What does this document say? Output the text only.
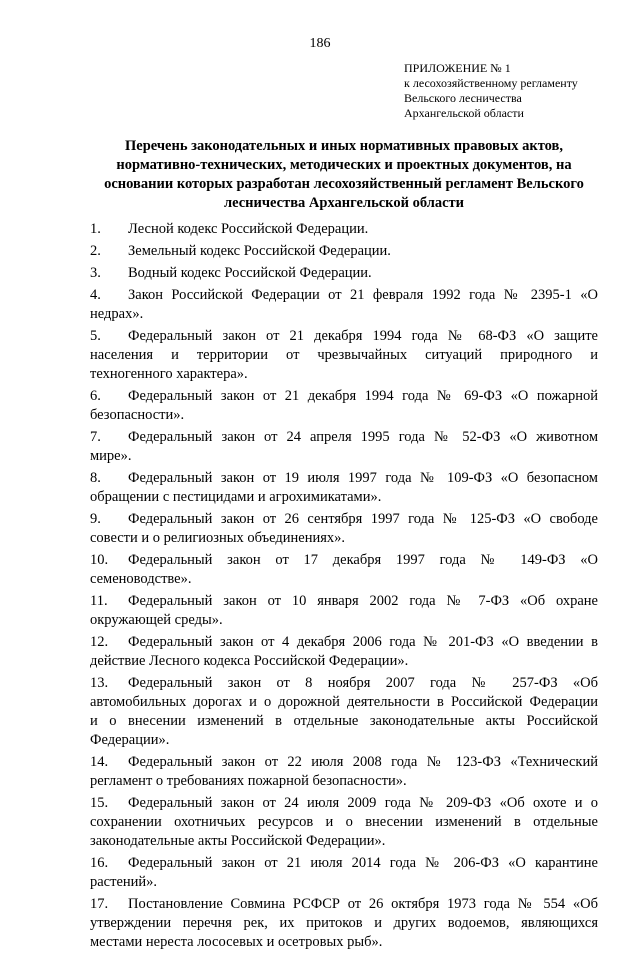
186
ПРИЛОЖЕНИЕ № 1
к лесохозяйственному регламенту
Вельского лесничества
Архангельской области
Перечень законодательных и иных нормативных правовых актов,
нормативно-технических, методических и проектных документов, на
основании которых разработан лесохозяйственный регламент Вельского
лесничества Архангельской области
1. Лесной кодекс Российской Федерации.
2. Земельный кодекс Российской Федерации.
3. Водный кодекс Российской Федерации.
4. Закон Российской Федерации от 21 февраля 1992 года № 2395-1 «О
недрах».
5. Федеральный закон от 21 декабря 1994 года № 68-ФЗ «О защите
населения и территории от чрезвычайных ситуаций природного и
техногенного характера».
6. Федеральный закон от 21 декабря 1994 года № 69-ФЗ «О пожарной
безопасности».
7. Федеральный закон от 24 апреля 1995 года № 52-ФЗ «О животном
мире».
8. Федеральный закон от 19 июля 1997 года № 109-ФЗ «О безопасном
обращении с пестицидами и агрохимикатами».
9. Федеральный закон от 26 сентября 1997 года № 125-ФЗ «О свободе
совести и о религиозных объединениях».
10. Федеральный закон от 17 декабря 1997 года № 149-ФЗ «О
семеноводстве».
11. Федеральный закон от 10 января 2002 года № 7-ФЗ «Об охране
окружающей среды».
12. Федеральный закон от 4 декабря 2006 года № 201-ФЗ «О введении в
действие Лесного кодекса Российской Федерации».
13. Федеральный закон от 8 ноября 2007 года № 257-ФЗ «Об
автомобильных дорогах и о дорожной деятельности в Российской Федерации
и о внесении изменений в отдельные законодательные акты Российской
Федерации».
14. Федеральный закон от 22 июля 2008 года № 123-ФЗ «Технический
регламент о требованиях пожарной безопасности».
15. Федеральный закон от 24 июля 2009 года № 209-ФЗ «Об охоте и о
сохранении охотничьих ресурсов и о внесении изменений в отдельные
законодательные акты Российской Федерации».
16. Федеральный закон от 21 июля 2014 года № 206-ФЗ «О карантине
растений».
17. Постановление Совмина РСФСР от 26 октября 1973 года № 554 «Об
утверждении перечня рек, их притоков и других водоемов, являющихся
местами нереста лососевых и осетровых рыб».
